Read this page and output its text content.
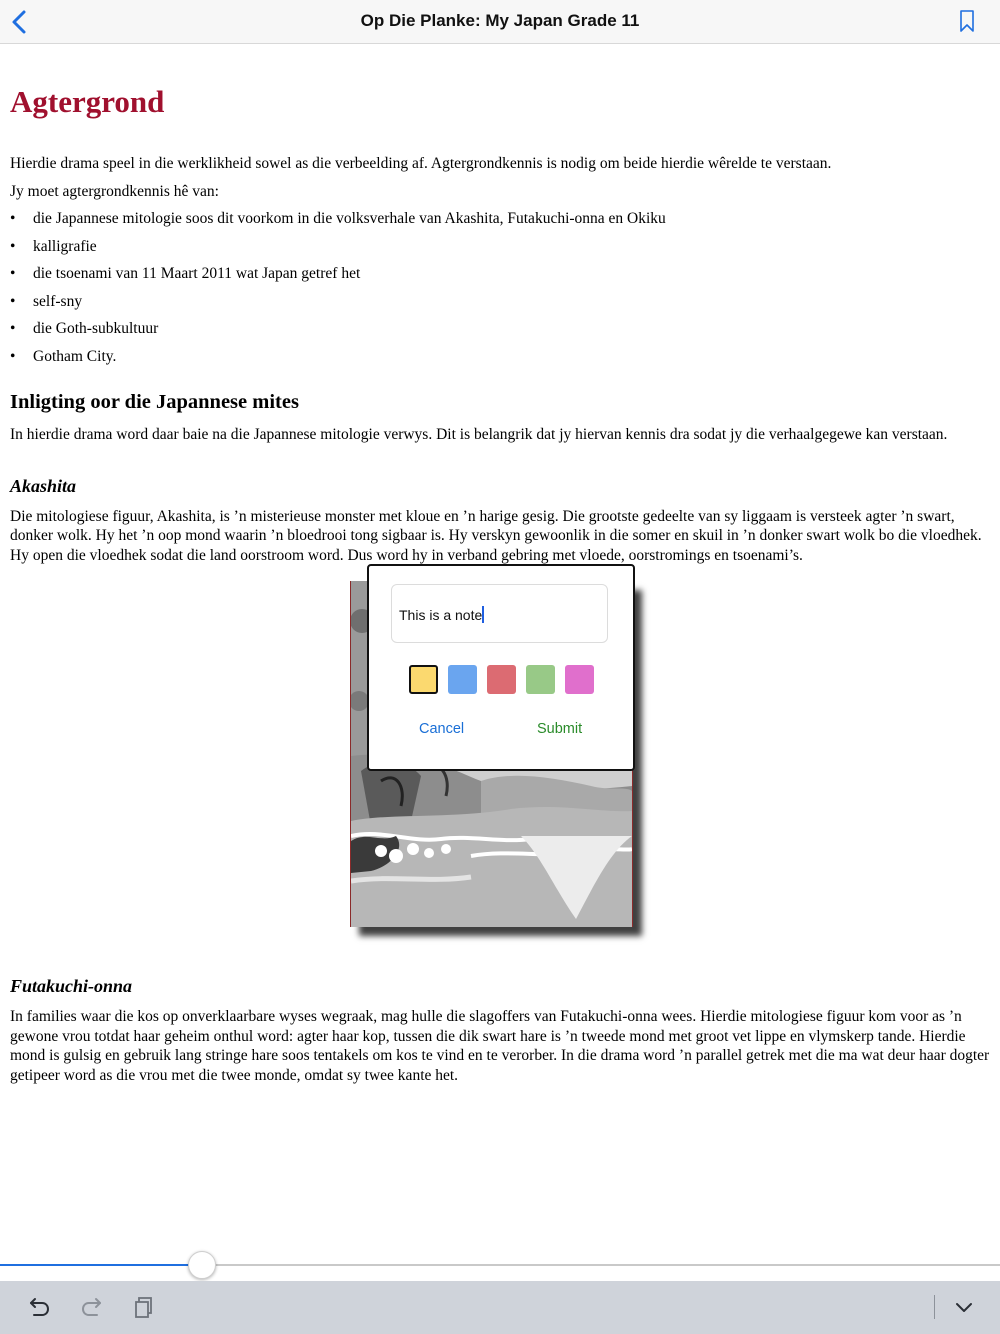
Op Die Planke: My Japan Grade 11
Agtergrond

Hierdie drama speel in die werklikheid sowel as die verbeelding af. Agtergrondkennis is nodig om beide hierdie wêrelde te verstaan.

Jy moet agtergrondkennis hê van:

• die Japannese mitologie soos dit voorkom in die volksverhale van Akashita, Futakuchi-onna en Okiku
• kalligrafie
• die tsoenami van 11 Maart 2011 wat Japan getref het
• self-sny
• die Goth-subkultuur
• Gotham City.
Inligting oor die Japannese mites

In hierdie drama word daar baie na die Japannese mitologie verwys. Dit is belangrik dat jy hiervan kennis dra sodat jy die verhaalgegewe kan verstaan.

Akashita

Die mitologiese figuur, Akashita, is ’n misterieuse monster met kloue en ’n harige gesig. Die grootste gedeelte van sy liggaam is versteek agter ’n swart, donker wolk. Hy het ’n oop mond waarin ’n bloedrooi tong sigbaar is. Hy verskyn gewoonlik in die somer en skuil in ’n donker swart wolk bo die vloedhek. Hy open die vloedhek sodat die land oorstroom word. Dus word hy in verband gebring met vloede, oorstromings en tsoenami’s.

Futakuchi-onna

In families waar die kos op onverklaarbare wyses wegraak, mag hulle die slagoffers van Futakuchi-onna wees. Hierdie mitologiese figuur kom voor as ’n gewone vrou totdat haar geheim onthul word: agter haar kop, tussen die dik swart hare is ’n tweede mond met groot vet lippe en vlymskerp tande. Hierdie mond is gulsig en gebruik lang stringe hare soos tentakels om kos te vind en te verorber. In die drama word ’n parallel getrek met die ma wat deur haar dogter getipeer word as die vrou met die twee monde, omdat sy twee kante het.

This is a note
Cancel	Submit
